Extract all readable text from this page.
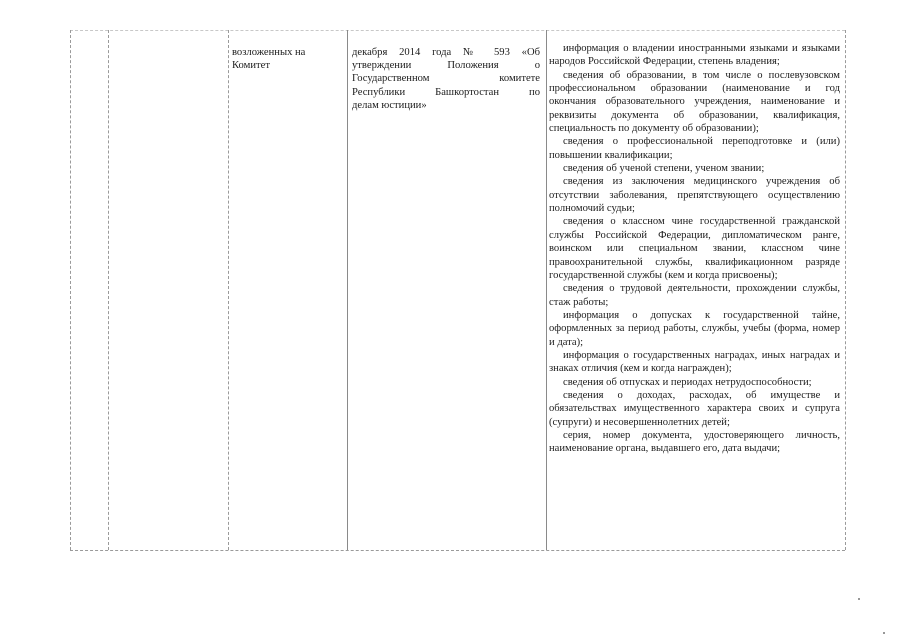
возложенных на
Комитет
декабря 2014 года № 593 «Об
утверждении Положения о
Государственном комитете
Республики Башкортостан по
делам юстиции»

информация о владении иностранными языками и языками народов Российской Федерации, степень владения;

сведения об образовании, в том числе о послевузовском профессиональном образовании (наименование и год окончания образовательного учреждения, наименование и реквизиты документа об образовании, квалификация, специальность по документу об образовании);

сведения о профессиональной переподготовке и (или) повышении квалификации;

сведения об ученой степени, ученом звании;

сведения из заключения медицинского учреждения об отсутствии заболевания, препятствующего осуществлению полномочий судьи;

сведения о классном чине государственной гражданской службы Российской Федерации, дипломатическом ранге, воинском или специальном звании, классном чине правоохранительной службы, квалификационном разряде государственной службы (кем и когда присвоены);

сведения о трудовой деятельности, прохождении службы, стаж работы;

информация о допусках к государственной тайне, оформленных за период работы, службы, учебы (форма, номер и дата);

информация о государственных наградах, иных наградах и знаках отличия (кем и когда награжден);

сведения об отпусках и периодах нетрудоспособности;

сведения о доходах, расходах, об имуществе и обязательствах имущественного характера своих и супруга (супруги) и несовершеннолетних детей;

серия, номер документа, удостоверяющего личность, наименование органа, выдавшего его, дата выдачи;
